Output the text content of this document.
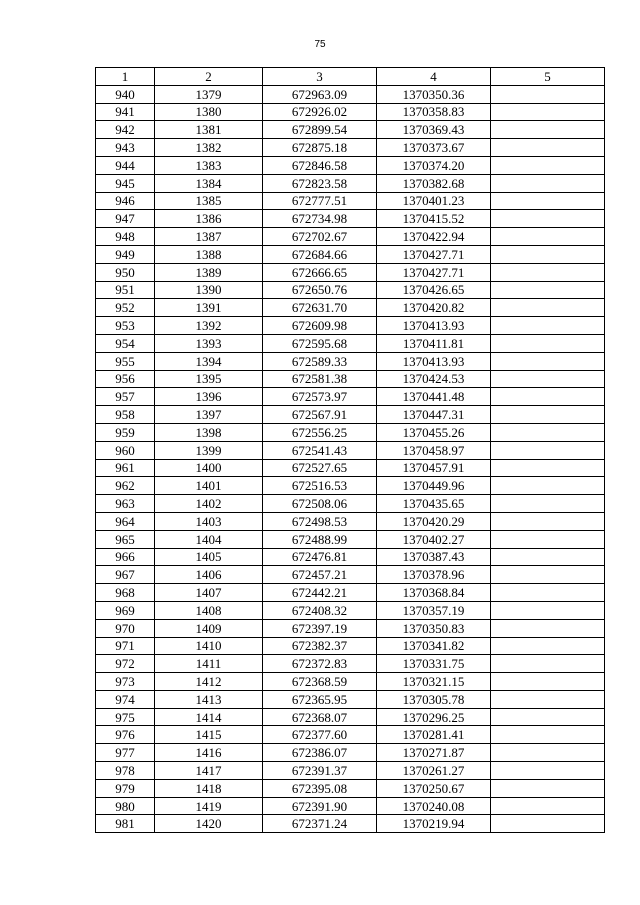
75
1	2	3	4	5
940	1379	672963.09	1370350.36	
941	1380	672926.02	1370358.83	
942	1381	672899.54	1370369.43	
943	1382	672875.18	1370373.67	
944	1383	672846.58	1370374.20	
945	1384	672823.58	1370382.68	
946	1385	672777.51	1370401.23	
947	1386	672734.98	1370415.52	
948	1387	672702.67	1370422.94	
949	1388	672684.66	1370427.71	
950	1389	672666.65	1370427.71	
951	1390	672650.76	1370426.65	
952	1391	672631.70	1370420.82	
953	1392	672609.98	1370413.93	
954	1393	672595.68	1370411.81	
955	1394	672589.33	1370413.93	
956	1395	672581.38	1370424.53	
957	1396	672573.97	1370441.48	
958	1397	672567.91	1370447.31	
959	1398	672556.25	1370455.26	
960	1399	672541.43	1370458.97	
961	1400	672527.65	1370457.91	
962	1401	672516.53	1370449.96	
963	1402	672508.06	1370435.65	
964	1403	672498.53	1370420.29	
965	1404	672488.99	1370402.27	
966	1405	672476.81	1370387.43	
967	1406	672457.21	1370378.96	
968	1407	672442.21	1370368.84	
969	1408	672408.32	1370357.19	
970	1409	672397.19	1370350.83	
971	1410	672382.37	1370341.82	
972	1411	672372.83	1370331.75	
973	1412	672368.59	1370321.15	
974	1413	672365.95	1370305.78	
975	1414	672368.07	1370296.25	
976	1415	672377.60	1370281.41	
977	1416	672386.07	1370271.87	
978	1417	672391.37	1370261.27	
979	1418	672395.08	1370250.67	
980	1419	672391.90	1370240.08	
981	1420	672371.24	1370219.94	
